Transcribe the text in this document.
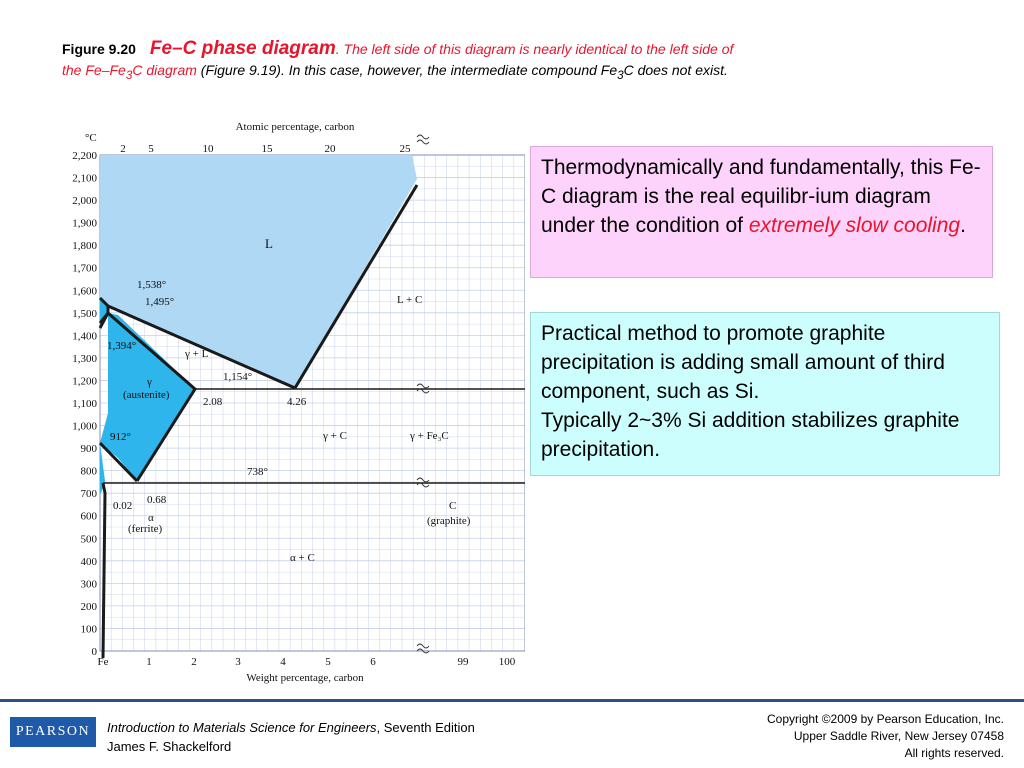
Figure 9.20 Fe–C phase diagram. The left side of this diagram is nearly identical to the left side of
the $Fe-Fe_3C$ diagram (Figure 9.19). In this case, however, the intermediate compound $Fe_3C$ does not exist.
2,200
2,100
2,000
1,900
1,800
1,700
1,600
1,500
1,400
1,300
1,200
1,100
1,000
900
800
700
600
500
400
300
200
100
0
°C
Fe	1	2	3	4	5	6	99	100
2 5	10	15	20	25
Atomic percentage, carbon
Weight percentage, carbon
1,538°
1,495°
1,394°
1,154°
912°
738°
2.08	4.26
0.68
0.02
γ + L
L
L + C
γ
(austenite)
γ + C	γ + Fe₃C
α
(ferrite)
α + C
C
(graphite)
Thermodynamically and fundamentally, this Fe-C diagram is the real equilibr-ium diagram under the condition of extremely slow cooling.
Practical method to promote graphite precipitation is adding small amount of third component, such as Si.
Typically 2~3% Si addition stabilizes graphite precipitation.
PEARSON	Introduction to Materials Science for Engineers, Seventh Edition
James F. Shackelford
Copyright ©2009 by Pearson Education, Inc.
Upper Saddle River, New Jersey 07458
All rights reserved.
